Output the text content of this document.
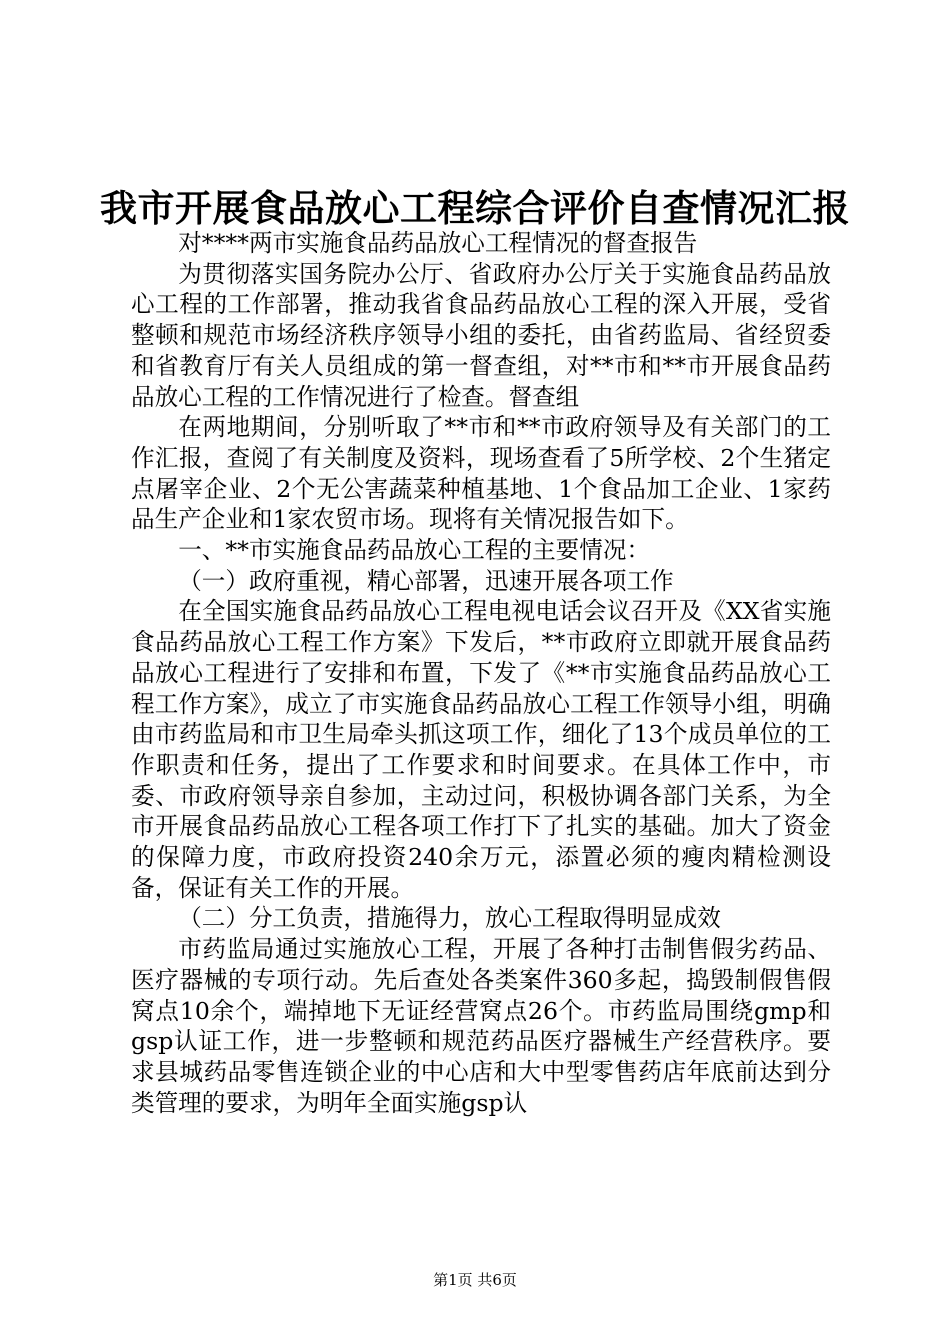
我市开展食品放心工程综合评价自查情况汇报

对****两市实施食品药品放心工程情况的督查报告

为贯彻落实国务院办公厅、省政府办公厅关于实施食品药品放心工程的工作部署，推动我省食品药品放心工程的深入开展，受省整顿和规范市场经济秩序领导小组的委托，由省药监局、省经贸委和省教育厅有关人员组成的第一督查组，对**市和**市开展食品药品放心工程的工作情况进行了检查。督查组

在两地期间，分别听取了**市和**市政府领导及有关部门的工作汇报，查阅了有关制度及资料，现场查看了5所学校、2个生猪定点屠宰企业、2个无公害蔬菜种植基地、1个食品加工企业、1家药品生产企业和1家农贸市场。现将有关情况报告如下。

一、**市实施食品药品放心工程的主要情况：

（一）政府重视，精心部署，迅速开展各项工作

在全国实施食品药品放心工程电视电话会议召开及《XX省实施食品药品放心工程工作方案》下发后，**市政府立即就开展食品药品放心工程进行了安排和布置，下发了《**市实施食品药品放心工程工作方案》，成立了市实施食品药品放心工程工作领导小组，明确由市药监局和市卫生局牵头抓这项工作，细化了13个成员单位的工作职责和任务，提出了工作要求和时间要求。在具体工作中，市委、市政府领导亲自参加，主动过问，积极协调各部门关系，为全市开展食品药品放心工程各项工作打下了扎实的基础。加大了资金的保障力度，市政府投资240余万元，添置必须的瘦肉精检测设备，保证有关工作的开展。

（二）分工负责，措施得力，放心工程取得明显成效

市药监局通过实施放心工程，开展了各种打击制售假劣药品、医疗器械的专项行动。先后查处各类案件360多起，捣毁制假售假窝点10余个，端掉地下无证经营窝点26个。市药监局围绕gmp和gsp认证工作，进一步整顿和规范药品医疗器械生产经营秩序。要求县城药品零售连锁企业的中心店和大中型零售药店年底前达到分类管理的要求，为明年全面实施gsp认

第1页 共6页
